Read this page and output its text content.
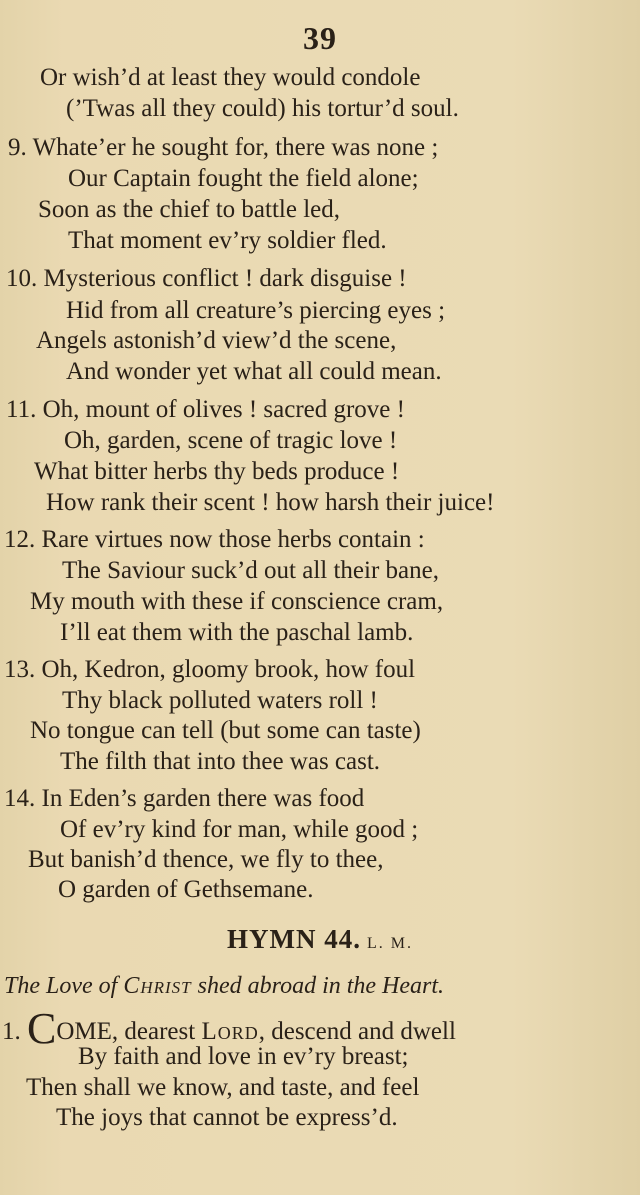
39
Or wish’d at least they would condole
(’Twas all they could) his tortur’d soul.
9. Whate’er he sought for, there was none ;
Our Captain fought the field alone;
Soon as the chief to battle led,
That moment ev’ry soldier fled.
10. Mysterious conflict ! dark disguise !
Hid from all creature’s piercing eyes ;
Angels astonish’d view’d the scene,
And wonder yet what all could mean.
11. Oh, mount of olives ! sacred grove !
Oh, garden, scene of tragic love !
What bitter herbs thy beds produce !
How rank their scent ! how harsh their juice!
12. Rare virtues now those herbs contain :
The Saviour suck’d out all their bane,
My mouth with these if conscience cram,
I’ll eat them with the paschal lamb.
13. Oh, Kedron, gloomy brook, how foul
Thy black polluted waters roll !
No tongue can tell (but some can taste)
The filth that into thee was cast.
14. In Eden’s garden there was food
Of ev’ry kind for man, while good ;
But banish’d thence, we fly to thee,
O garden of Gethsemane.
HYMN 44. L. M.
The Love of Christ shed abroad in the Heart.
1. COME, dearest Lord, descend and dwell
By faith and love in ev’ry breast;
Then shall we know, and taste, and feel
The joys that cannot be express’d.
